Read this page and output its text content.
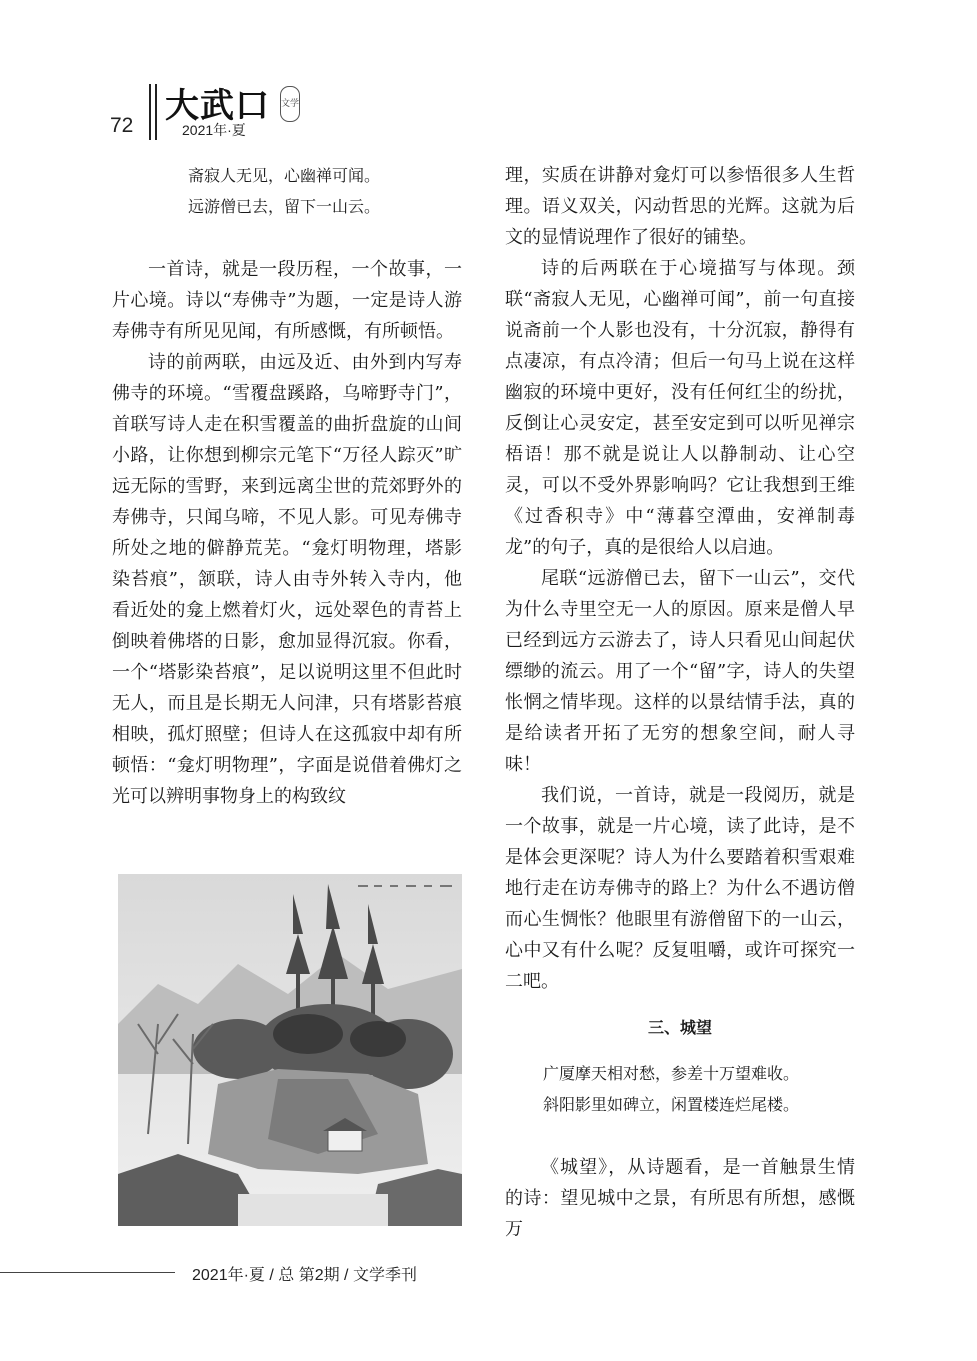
72 大武口 文学
2021年·夏
斋寂人无见，心幽禅可闻。
远游僧已去，留下一山云。

一首诗，就是一段历程，一个故事，一片心境。诗以“寿佛寺”为题，一定是诗人游寿佛寺有所见见闻，有所感慨，有所顿悟。

诗的前两联，由远及近、由外到内写寿佛寺的环境。“雪覆盘蹊路，乌啼野寺门”，首联写诗人走在积雪覆盖的曲折盘旋的山间小路，让你想到柳宗元笔下“万径人踪灭”旷远无际的雪野，来到远离尘世的荒郊野外的寿佛寺，只闻乌啼，不见人影。可见寿佛寺所处之地的僻静荒芜。“龛灯明物理，塔影染苔痕”，颔联，诗人由寺外转入寺内，他看近处的龛上燃着灯火，远处翠色的青苔上倒映着佛塔的日影，愈加显得沉寂。你看，一个“塔影染苔痕”，足以说明这里不但此时无人，而且是长期无人问津，只有塔影苔痕相映，孤灯照壁；但诗人在这孤寂中却有所顿悟：“龛灯明物理”，字面是说借着佛灯之光可以辨明事物身上的构致纹

理，实质在讲静对龛灯可以参悟很多人生哲理。语义双关，闪动哲思的光辉。这就为后文的显情说理作了很好的铺垫。

诗的后两联在于心境描写与体现。颈联“斋寂人无见，心幽禅可闻”，前一句直接说斋前一个人影也没有，十分沉寂，静得有点凄凉，有点冷清；但后一句马上说在这样幽寂的环境中更好，没有任何红尘的纷扰，反倒让心灵安定，甚至安定到可以听见禅宗梧语！那不就是说让人以静制动、让心空灵，可以不受外界影响吗？它让我想到王维《过香积寺》中“薄暮空潭曲，安禅制毒龙”的句子，真的是很给人以启迪。

尾联“远游僧已去，留下一山云”，交代为什么寺里空无一人的原因。原来是僧人早已经到远方云游去了，诗人只看见山间起伏缥缈的流云。用了一个“留”字，诗人的失望怅惘之情毕现。这样的以景结情手法，真的是给读者开拓了无穷的想象空间，耐人寻味！

我们说，一首诗，就是一段阅历，就是一个故事，就是一片心境，读了此诗，是不是体会更深呢？诗人为什么要踏着积雪艰难地行走在访寿佛寺的路上？为什么不遇访僧而心生惆怅？他眼里有游僧留下的一山云，心中又有什么呢？反复咀嚼，或许可探究一二吧。

三、城望
广厦摩天相对愁，参差十万望难收。
斜阳影里如碑立，闲置楼连烂尾楼。

《城望》，从诗题看，是一首触景生情的诗：望见城中之景，有所思有所想，感慨万

2021年·夏 / 总 第2期 / 文学季刊
